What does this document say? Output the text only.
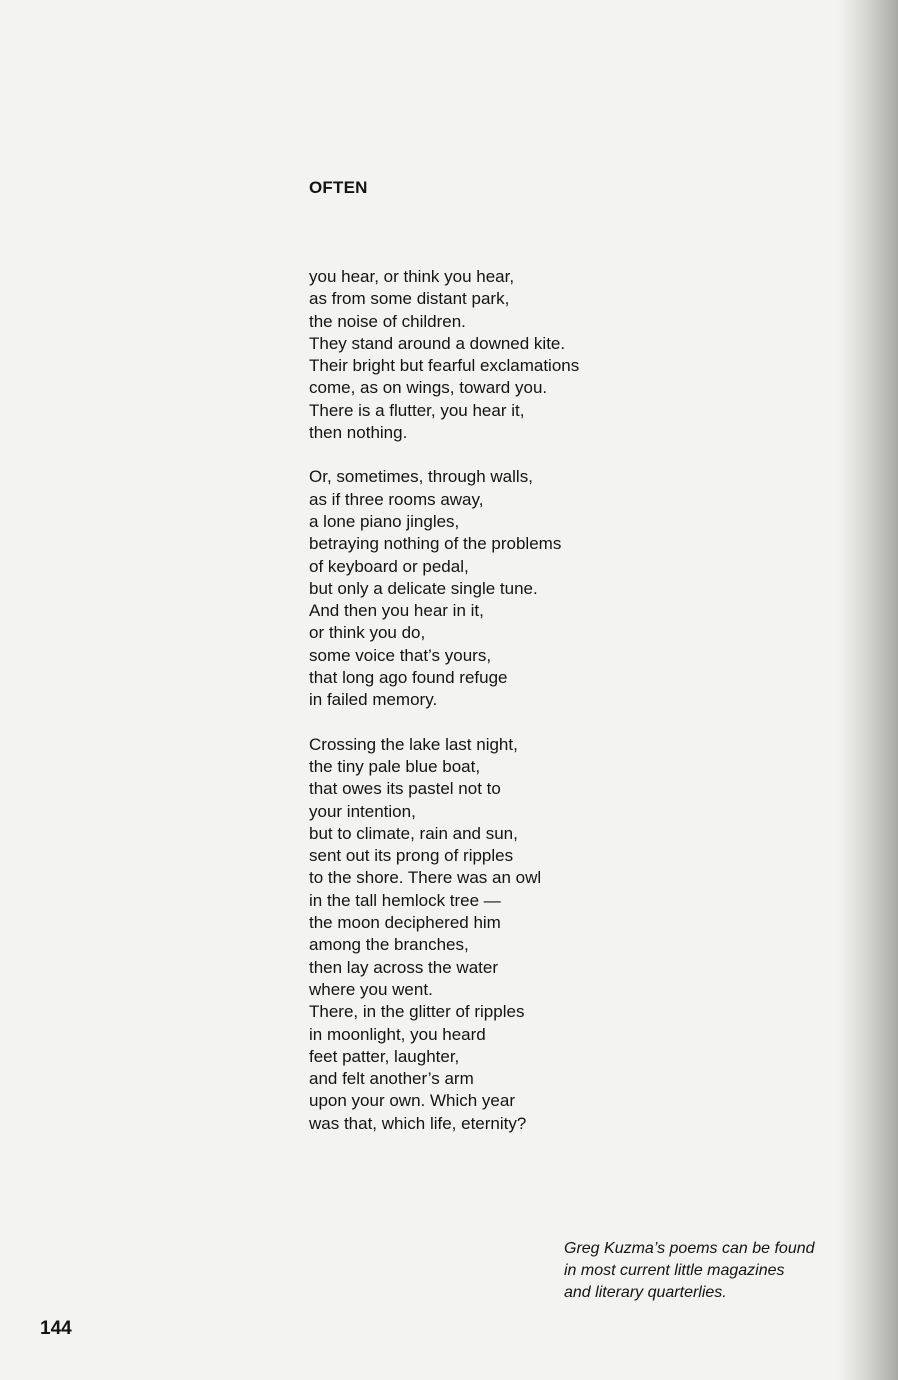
OFTEN
you hear, or think you hear,
as from some distant park,
the noise of children.
They stand around a downed kite.
Their bright but fearful exclamations
come, as on wings, toward you.
There is a flutter, you hear it,
then nothing.
Or, sometimes, through walls,
as if three rooms away,
a lone piano jingles,
betraying nothing of the problems
of keyboard or pedal,
but only a delicate single tune.
And then you hear in it,
or think you do,
some voice that’s yours,
that long ago found refuge
in failed memory.
Crossing the lake last night,
the tiny pale blue boat,
that owes its pastel not to
your intention,
but to climate, rain and sun,
sent out its prong of ripples
to the shore. There was an owl
in the tall hemlock tree —
the moon deciphered him
among the branches,
then lay across the water
where you went.
There, in the glitter of ripples
in moonlight, you heard
feet patter, laughter,
and felt another’s arm
upon your own. Which year
was that, which life, eternity?
Greg Kuzma’s poems can be found
in most current little magazines
and literary quarterlies.
144
